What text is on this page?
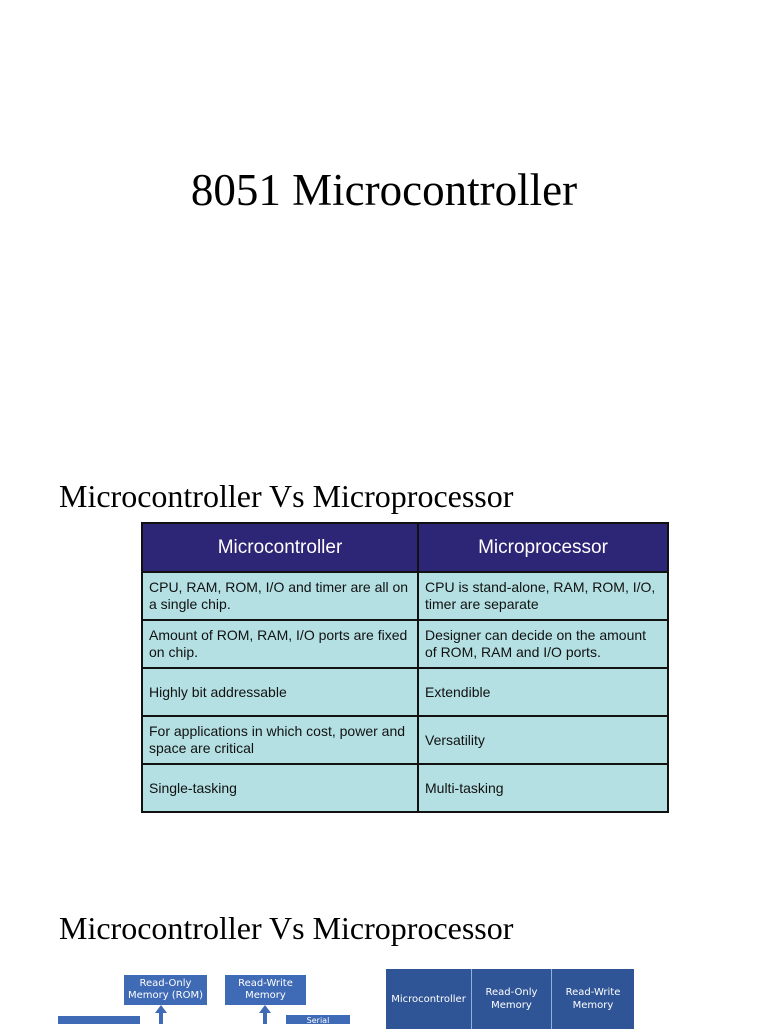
8051 Microcontroller
Microcontroller Vs Microprocessor
Microcontroller	Microprocessor
CPU, RAM, ROM, I/O and timer are all on a single chip.	CPU is stand-alone, RAM, ROM, I/O, timer are separate
Amount of ROM, RAM, I/O ports are fixed on chip.	Designer can decide on the amount of ROM, RAM and I/O ports.
Highly bit addressable	Extendible
For applications in which cost, power and space are critical	Versatility
Single-tasking	Multi-tasking
Microcontroller Vs Microprocessor
Read-Only Memory (ROM)
Read-Write Memory
Serial
Microcontroller
Read-Only Memory
Read-Write Memory
